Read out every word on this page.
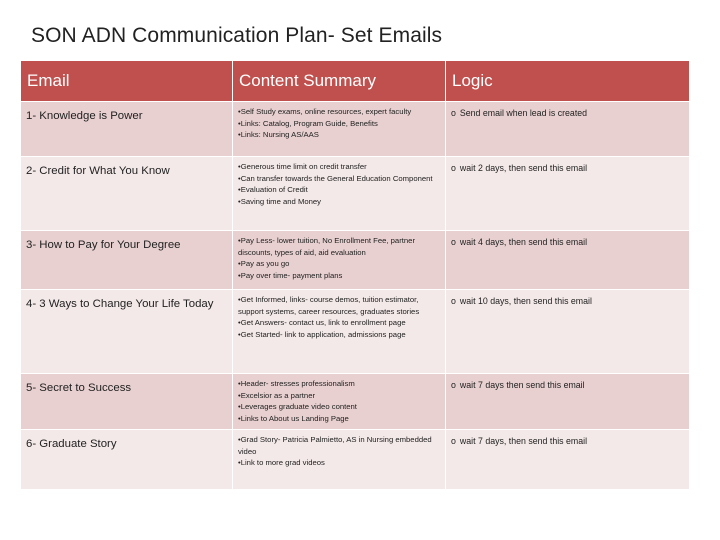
SON ADN Communication Plan- Set Emails
Email	Content Summary	Logic
1- Knowledge is Power	•Self Study exams, online resources, expert faculty
•Links: Catalog, Program Guide, Benefits
•Links: Nursing AS/AAS	o Send email when lead is created
2- Credit for What You Know	•Generous time limit on credit transfer
•Can transfer towards the General Education Component
•Evaluation of Credit
•Saving time and Money	o wait 2 days, then send this email
3- How to Pay for Your Degree	•Pay Less- lower tuition, No Enrollment Fee, partner discounts, types of aid, aid evaluation
•Pay as you go
•Pay over time- payment plans	o wait 4 days, then send this email
4- 3 Ways to Change Your Life Today	•Get Informed, links- course demos, tuition estimator, support systems, career resources, graduates stories
•Get Answers- contact us, link to enrollment page
•Get Started- link to application, admissions page	o wait 10 days, then send this email
5- Secret to Success	•Header- stresses professionalism
•Excelsior as a partner
•Leverages graduate video content
•Links to About us Landing Page	o wait 7 days then send this email
6- Graduate Story	•Grad Story- Patricia Palmietto, AS in Nursing embedded video
•Link to more grad videos	o wait 7 days, then send this email
